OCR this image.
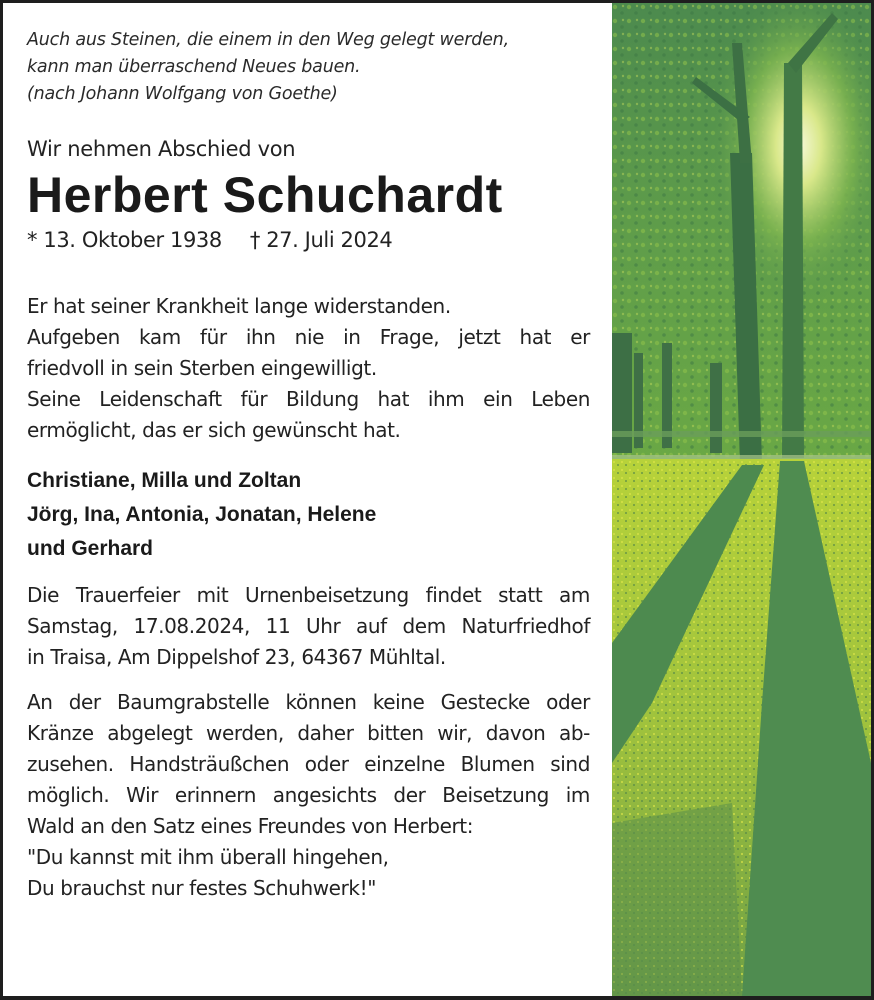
Auch aus Steinen, die einem in den Weg gelegt werden,
kann man überraschend Neues bauen.
(nach Johann Wolfgang von Goethe)
Wir nehmen Abschied von
Herbert Schuchardt
* 13. Oktober 1938 † 27. Juli 2024
Er hat seiner Krankheit lange widerstanden.
Aufgeben kam für ihn nie in Frage, jetzt hat er
friedvoll in sein Sterben eingewilligt.
Seine Leidenschaft für Bildung hat ihm ein Leben
ermöglicht, das er sich gewünscht hat.
Christiane, Milla und Zoltan
Jörg, Ina, Antonia, Jonatan, Helene
und Gerhard
Die Trauerfeier mit Urnenbeisetzung findet statt am
Samstag, 17.08.2024, 11 Uhr auf dem Naturfriedhof
in Traisa, Am Dippelshof 23, 64367 Mühltal.
An der Baumgrabstelle können keine Gestecke oder
Kränze abgelegt werden, daher bitten wir, davon ab-
zusehen. Handsträußchen oder einzelne Blumen sind
möglich. Wir erinnern angesichts der Beisetzung im
Wald an den Satz eines Freundes von Herbert:
"Du kannst mit ihm überall hingehen,
Du brauchst nur festes Schuhwerk!"
